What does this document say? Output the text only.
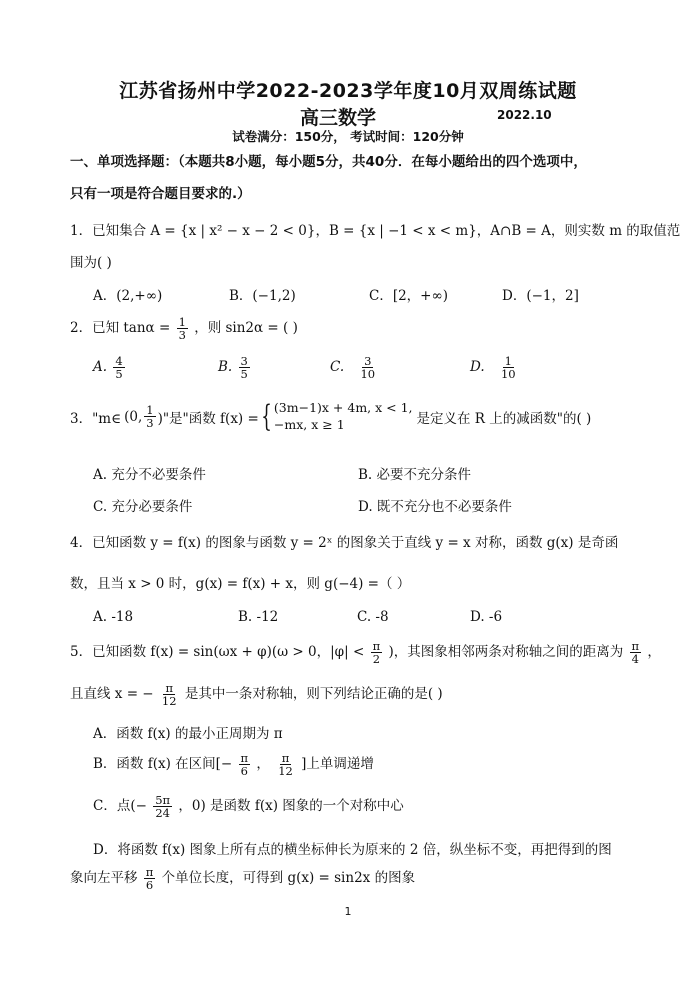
江苏省扬州中学2022-2023学年度10月双周练试题
高三数学	2022.10
试卷满分：150分， 考试时间：120分钟
一、单项选择题：（本题共8小题，每小题5分，共40分．在每小题给出的四个选项中，
只有一项是符合题目要求的.）
1．已知集合 A = {x | x² − x − 2 < 0}，B = {x | −1 < x < m}，A∩B = A，则实数 m 的取值范
围为( )
A．(2,+∞)	B．(−1,2)	C．[2，+∞)	D．(−1，2]
2．已知 $\tan\alpha = \frac{1}{3}$ ，则 sin2α = ( )
A. $\frac{4}{5}$	B. $\frac{3}{5}$	C. $\frac{3}{10}$	D. $\frac{1}{10}$
3．"m∈ (0, $\frac{1}{3}$ )"是"函数 f(x) = { (3m−1)x + 4m, x < 1,
−mx, x ≥ 1	是定义在 R 上的减函数"的( )
A. 充分不必要条件	B. 必要不充分条件
C. 充分必要条件	D. 既不充分也不必要条件
4．已知函数 y = f(x) 的图象与函数 y = 2ˣ 的图象关于直线 y = x 对称，函数 g(x) 是奇函
数，且当 x > 0 时，g(x) = f(x) + x，则 g(−4) =（ ）
A. -18	B. -12	C. -8	D. -6
5．已知函数 f(x) = sin(ωx + φ)(ω > 0，$|\varphi| < \frac{\pi}{2}$ )，其图象相邻两条对称轴之间的距离为 $\frac{\pi}{4}$ ，
且直线 x = − $\frac{\pi}{12}$ 是其中一条对称轴，则下列结论正确的是( )
A．函数 f(x) 的最小正周期为 π
B．函数 f(x) 在区间[− $\frac{\pi}{6}$ ， $\frac{\pi}{12}$ ]上单调递增
C．点(− $\frac{5\pi}{24}$ ，0) 是函数 f(x) 图象的一个对称中心
D．将函数 f(x) 图象上所有点的横坐标伸长为原来的 2 倍，纵坐标不变，再把得到的图
象向左平移 $\frac{\pi}{6}$ 个单位长度，可得到 g(x) = sin2x 的图象
1
